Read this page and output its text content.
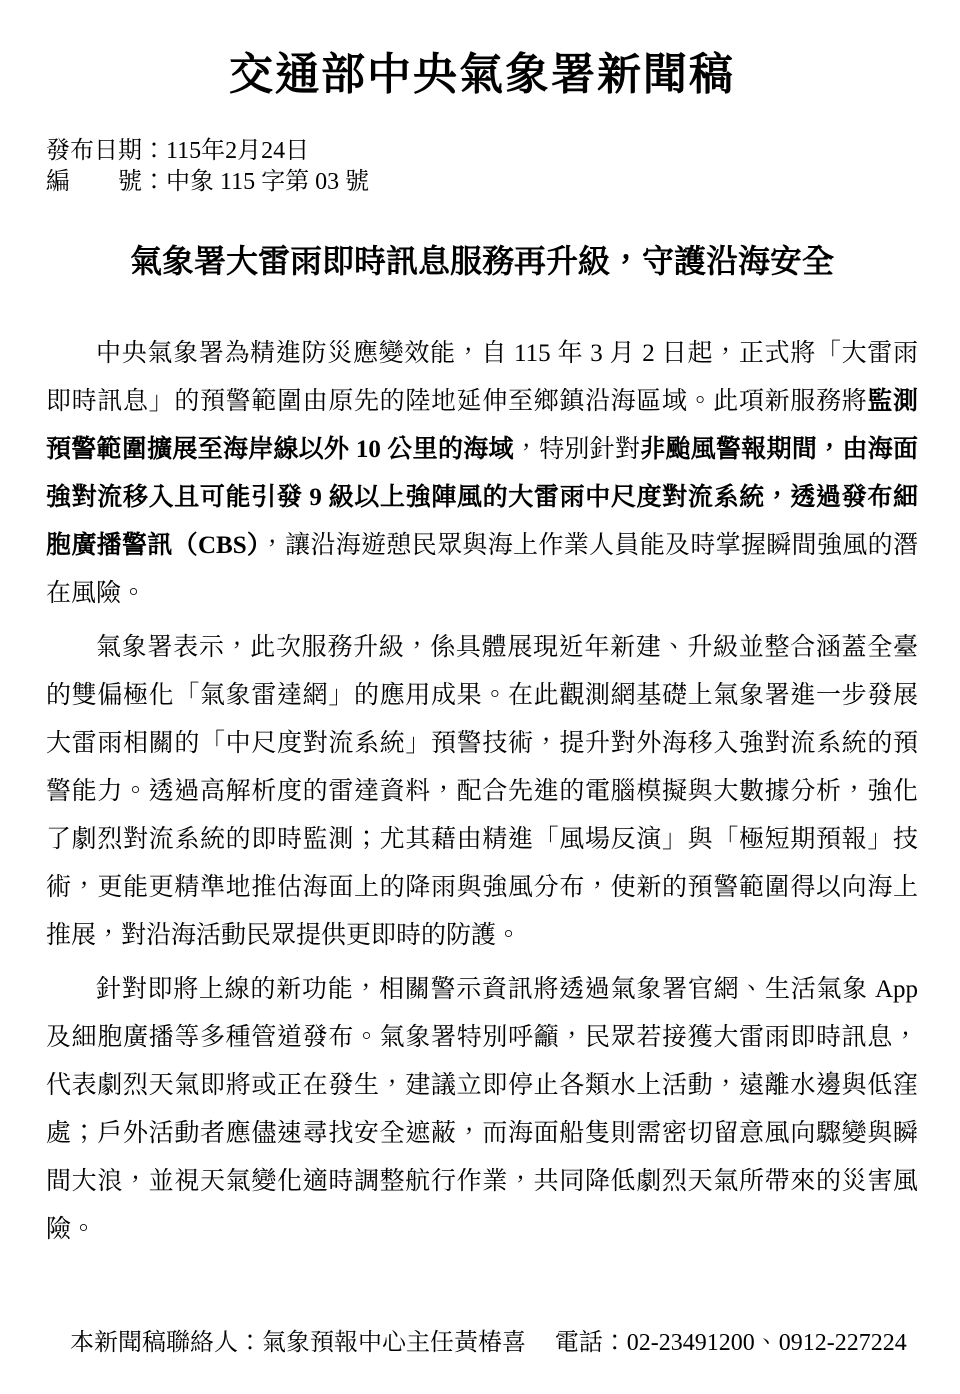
交通部中央氣象署新聞稿
發布日期：115年2月24日
編　　號：中象 115 字第 03 號
氣象署大雷雨即時訊息服務再升級，守護沿海安全

中央氣象署為精進防災應變效能，自 115 年 3 月 2 日起，正式將「大雷雨即時訊息」的預警範圍由原先的陸地延伸至鄉鎮沿海區域。此項新服務將監測預警範圍擴展至海岸線以外 10 公里的海域，特別針對非颱風警報期間，由海面強對流移入且可能引發 9 級以上強陣風的大雷雨中尺度對流系統，透過發布細胞廣播警訊（CBS），讓沿海遊憩民眾與海上作業人員能及時掌握瞬間強風的潛在風險。

氣象署表示，此次服務升級，係具體展現近年新建、升級並整合涵蓋全臺的雙偏極化「氣象雷達網」的應用成果。在此觀測網基礎上氣象署進一步發展大雷雨相關的「中尺度對流系統」預警技術，提升對外海移入強對流系統的預警能力。透過高解析度的雷達資料，配合先進的電腦模擬與大數據分析，強化了劇烈對流系統的即時監測；尤其藉由精進「風場反演」與「極短期預報」技術，更能更精準地推估海面上的降雨與強風分布，使新的預警範圍得以向海上推展，對沿海活動民眾提供更即時的防護。

針對即將上線的新功能，相關警示資訊將透過氣象署官網、生活氣象 App 及細胞廣播等多種管道發布。氣象署特別呼籲，民眾若接獲大雷雨即時訊息，代表劇烈天氣即將或正在發生，建議立即停止各類水上活動，遠離水邊與低窪處；戶外活動者應儘速尋找安全遮蔽，而海面船隻則需密切留意風向驟變與瞬間大浪，並視天氣變化適時調整航行作業，共同降低劇烈天氣所帶來的災害風險。

本新聞稿聯絡人：氣象預報中心主任黃椿喜 電話：02-23491200、0912-227224
